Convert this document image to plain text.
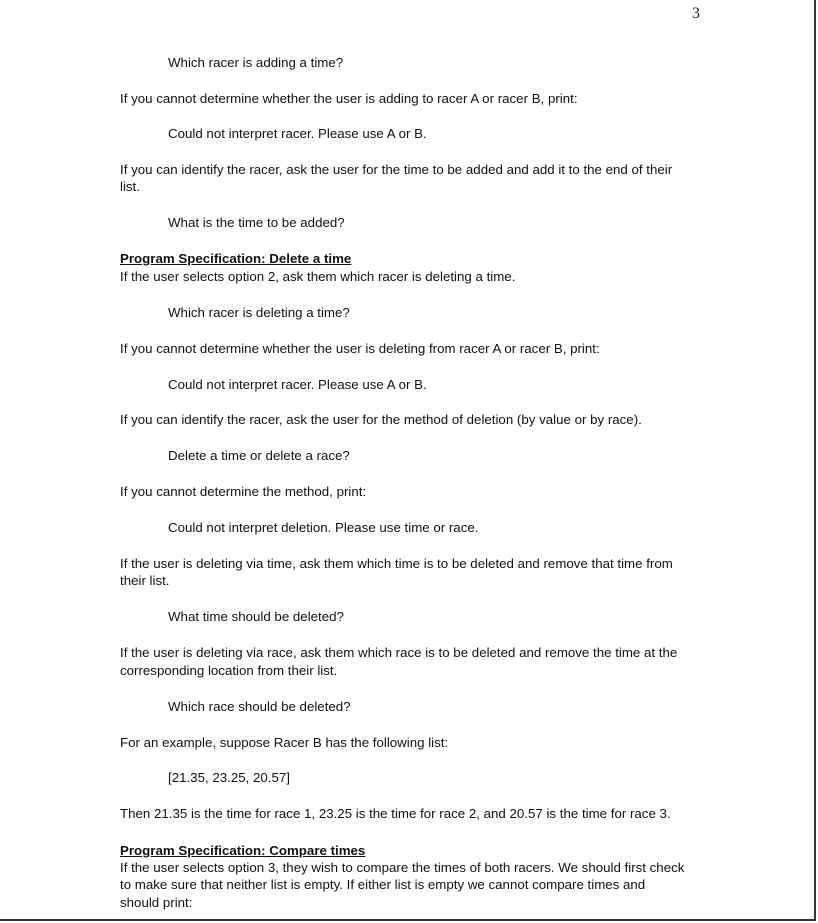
3
Which racer is adding a time?
If you cannot determine whether the user is adding to racer A or racer B, print:
Could not interpret racer. Please use A or B.
If you can identify the racer, ask the user for the time to be added and add it to the end of their
list.
What is the time to be added?
Program Specification: Delete a time
If the user selects option 2, ask them which racer is deleting a time.
Which racer is deleting a time?
If you cannot determine whether the user is deleting from racer A or racer B, print:
Could not interpret racer. Please use A or B.
If you can identify the racer, ask the user for the method of deletion (by value or by race).
Delete a time or delete a race?
If you cannot determine the method, print:
Could not interpret deletion. Please use time or race.
If the user is deleting via time, ask them which time is to be deleted and remove that time from
their list.
What time should be deleted?
If the user is deleting via race, ask them which race is to be deleted and remove the time at the
corresponding location from their list.
Which race should be deleted?
For an example, suppose Racer B has the following list:
[21.35, 23.25, 20.57]
Then 21.35 is the time for race 1, 23.25 is the time for race 2, and 20.57 is the time for race 3.
Program Specification: Compare times
If the user selects option 3, they wish to compare the times of both racers. We should first check
to make sure that neither list is empty. If either list is empty we cannot compare times and
should print:
